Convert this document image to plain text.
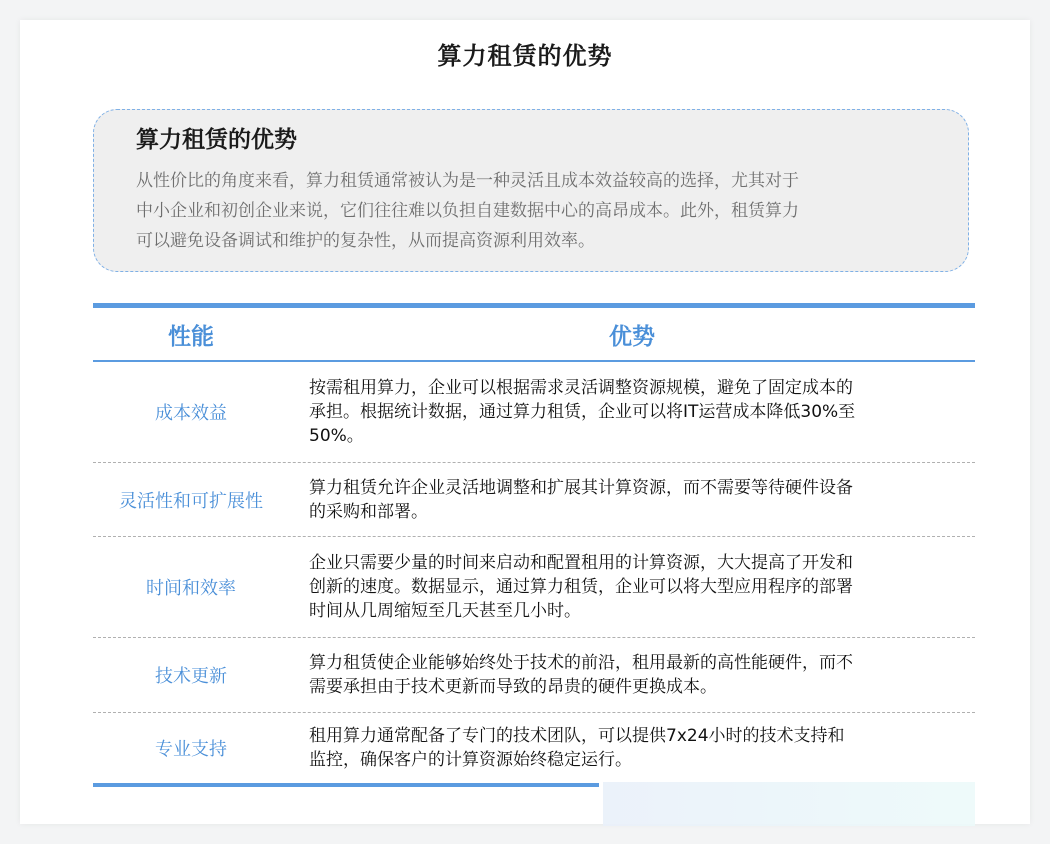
算力租赁的优势
算力租赁的优势

从性价比的角度来看，算力租赁通常被认为是一种灵活且成本效益较高的选择，尤其对于
中小企业和初创企业来说，它们往往难以负担自建数据中心的高昂成本。此外，租赁算力
可以避免设备调试和维护的复杂性，从而提高资源利用效率。

性能	优势
成本效益
按需租用算力，企业可以根据需求灵活调整资源规模，避免了固定成本的
承担。根据统计数据，通过算力租赁，企业可以将IT运营成本降低30%至
50%。
灵活性和可扩展性
算力租赁允许企业灵活地调整和扩展其计算资源，而不需要等待硬件设备
的采购和部署。
时间和效率
企业只需要少量的时间来启动和配置租用的计算资源，大大提高了开发和
创新的速度。数据显示，通过算力租赁，企业可以将大型应用程序的部署
时间从几周缩短至几天甚至几小时。
技术更新
算力租赁使企业能够始终处于技术的前沿，租用最新的高性能硬件，而不
需要承担由于技术更新而导致的昂贵的硬件更换成本。
专业支持
租用算力通常配备了专门的技术团队，可以提供7x24小时的技术支持和
监控，确保客户的计算资源始终稳定运行。
